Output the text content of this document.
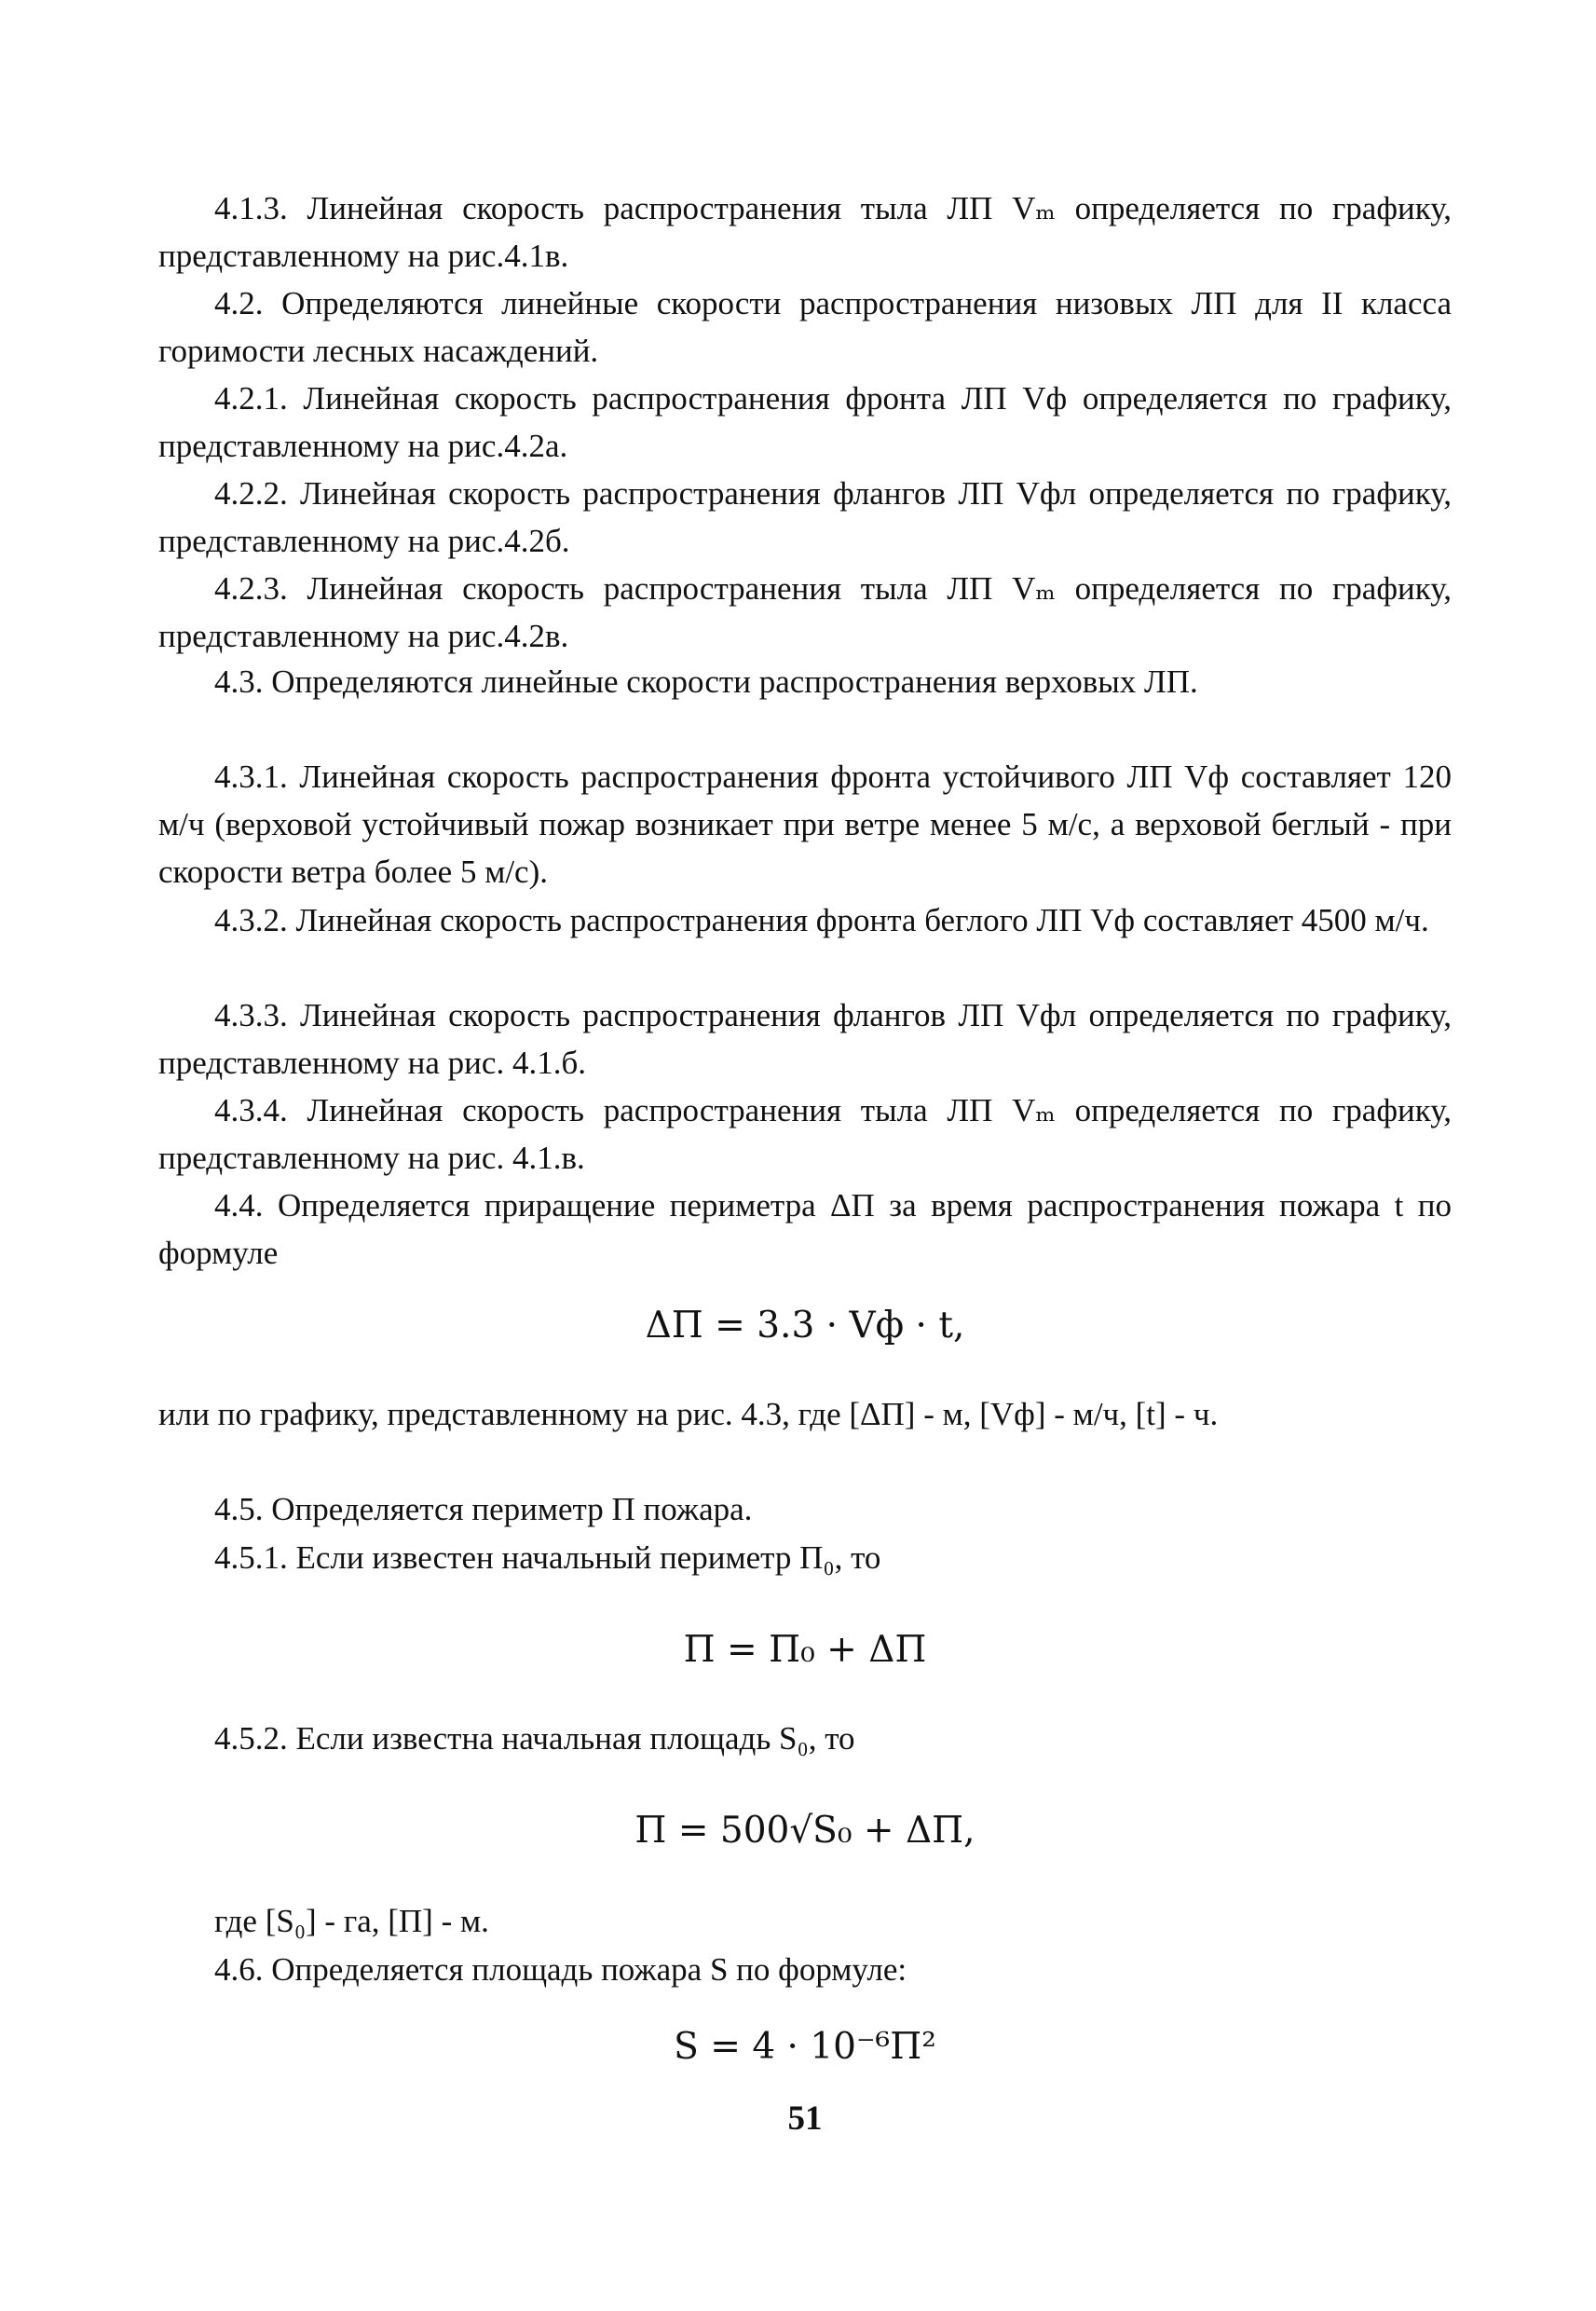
4.1.3. Линейная скорость распространения тыла ЛП Vₘ определяется по графику, представленному на рис.4.1в.

4.2. Определяются линейные скорости распространения низовых ЛП для II класса горимости лесных насаждений.

4.2.1. Линейная скорость распространения фронта ЛП Vф определяется по графику, представленному на рис.4.2а.

4.2.2. Линейная скорость распространения флангов ЛП Vфл определяется по графику, представленному на рис.4.2б.

4.2.3. Линейная скорость распространения тыла ЛП Vₘ определяется по графику, представленному на рис.4.2в.

4.3. Определяются линейные скорости распространения верховых ЛП.

4.3.1. Линейная скорость распространения фронта устойчивого ЛП Vф составляет 120 м/ч (верховой устойчивый пожар возникает при ветре менее 5 м/с, а верховой беглый - при скорости ветра более 5 м/с).

4.3.2. Линейная скорость распространения фронта беглого ЛП Vф составляет 4500 м/ч.

4.3.3. Линейная скорость распространения флангов ЛП Vфл определяется по графику, представленному на рис. 4.1.б.

4.3.4. Линейная скорость распространения тыла ЛП Vₘ определяется по графику, представленному на рис. 4.1.в.

4.4. Определяется приращение периметра ΔП за время распространения пожара t по формуле

ΔП = 3.3 · Vф · t,

или по графику, представленному на рис. 4.3, где [ΔП] - м, [Vф] - м/ч, [t] - ч.

4.5. Определяется периметр П пожара.

4.5.1. Если известен начальный периметр П₀, то

П = П₀ + ΔП

4.5.2. Если известна начальная площадь S₀, то

П = 500√S₀ + ΔП,

где [S₀] - га, [П] - м.

4.6. Определяется площадь пожара S по формуле:

S = 4 · 10⁻⁶П²
51
